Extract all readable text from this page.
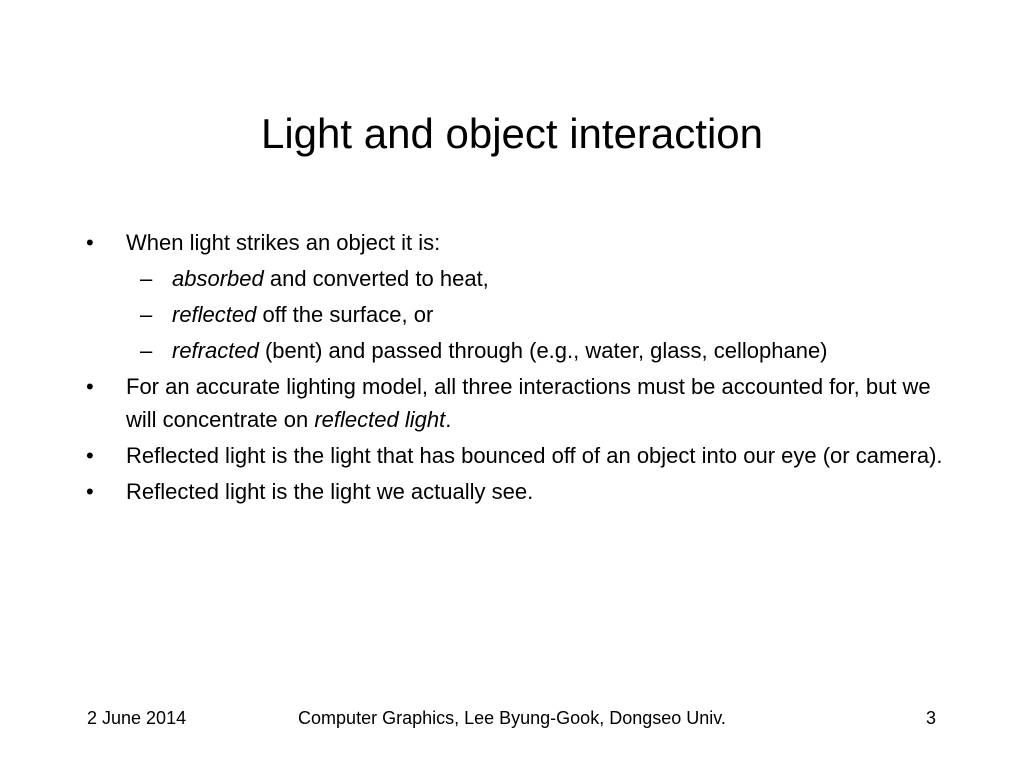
Light and object interaction
• When light strikes an object it is:
– absorbed and converted to heat,
– reflected off the surface, or
– refracted (bent) and passed through (e.g., water, glass, cellophane)
• For an accurate lighting model, all three interactions must be accounted for, but we will concentrate on reflected light.
• Reflected light is the light that has bounced off of an object into our eye (or camera).
• Reflected light is the light we actually see.
Computer Graphics, Lee Byung-Gook, Dongseo Univ.
2 June 2014	3
